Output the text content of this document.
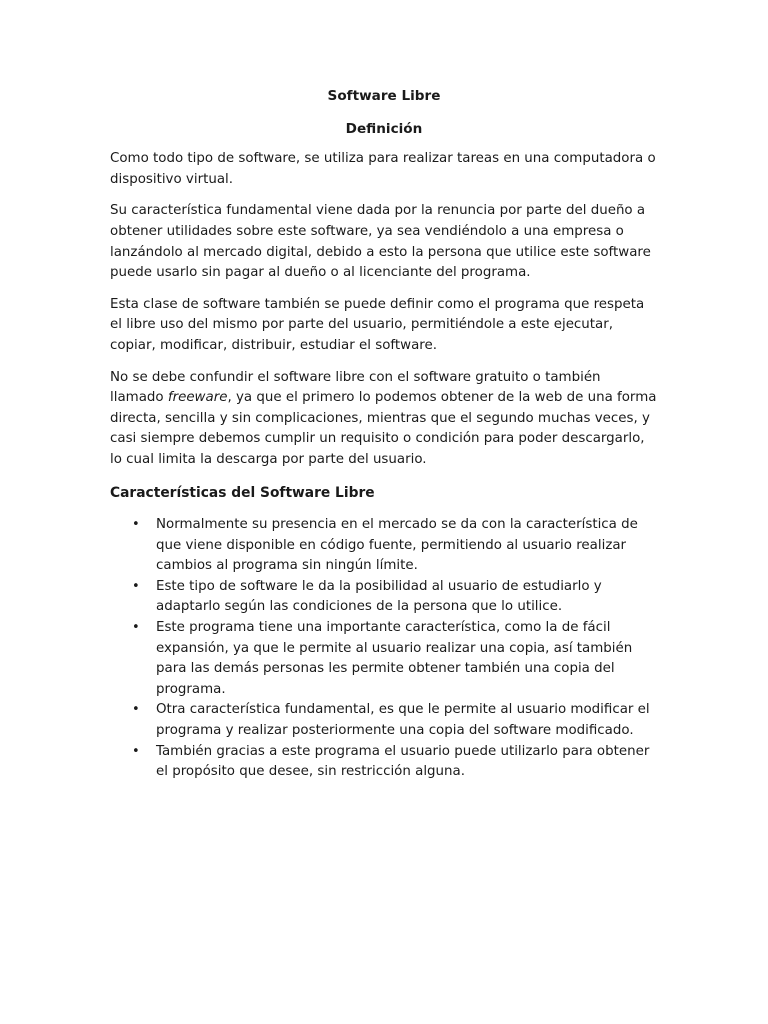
Software Libre
Definición

Como todo tipo de software, se utiliza para realizar tareas en una computadora o dispositivo virtual.

Su característica fundamental viene dada por la renuncia por parte del dueño a obtener utilidades sobre este software, ya sea vendiéndolo a una empresa o lanzándolo al mercado digital, debido a esto la persona que utilice este software puede usarlo sin pagar al dueño o al licenciante del programa.

Esta clase de software también se puede definir como el programa que respeta el libre uso del mismo por parte del usuario, permitiéndole a este ejecutar, copiar, modificar, distribuir, estudiar el software.

No se debe confundir el software libre con el software gratuito o también llamado freeware, ya que el primero lo podemos obtener de la web de una forma directa, sencilla y sin complicaciones, mientras que el segundo muchas veces, y casi siempre debemos cumplir un requisito o condición para poder descargarlo, lo cual limita la descarga por parte del usuario.

Características del Software Libre
• Normalmente su presencia en el mercado se da con la característica de que viene disponible en código fuente, permitiendo al usuario realizar cambios al programa sin ningún límite.
• Este tipo de software le da la posibilidad al usuario de estudiarlo y adaptarlo según las condiciones de la persona que lo utilice.
• Este programa tiene una importante característica, como la de fácil expansión, ya que le permite al usuario realizar una copia, así también para las demás personas les permite obtener también una copia del programa.
• Otra característica fundamental, es que le permite al usuario modificar el programa y realizar posteriormente una copia del software modificado.
• También gracias a este programa el usuario puede utilizarlo para obtener el propósito que desee, sin restricción alguna.
